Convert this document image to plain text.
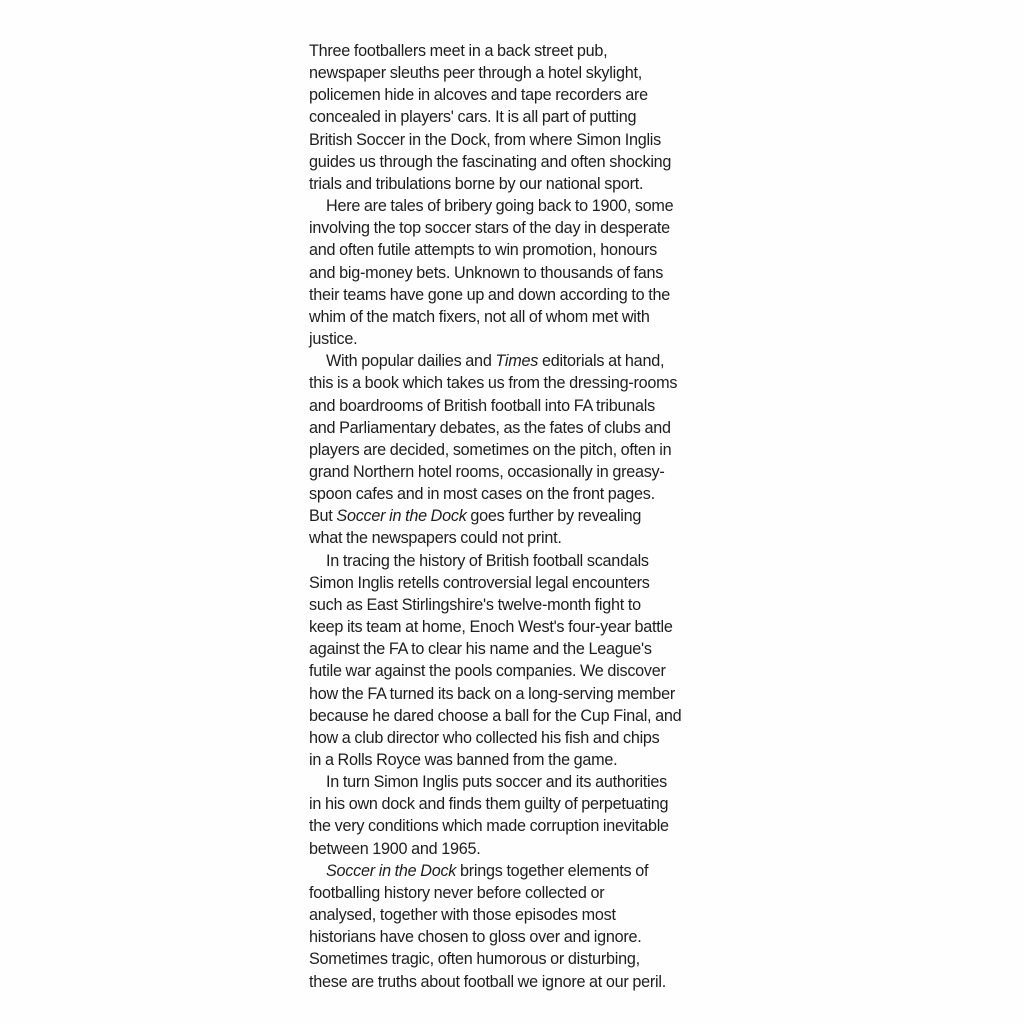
Three footballers meet in a back street pub,
newspaper sleuths peer through a hotel skylight,
policemen hide in alcoves and tape recorders are
concealed in players' cars. It is all part of putting
British Soccer in the Dock, from where Simon Inglis
guides us through the fascinating and often shocking
trials and tribulations borne by our national sport.

Here are tales of bribery going back to 1900, some
involving the top soccer stars of the day in desperate
and often futile attempts to win promotion, honours
and big-money bets. Unknown to thousands of fans
their teams have gone up and down according to the
whim of the match fixers, not all of whom met with
justice.

With popular dailies and Times editorials at hand,
this is a book which takes us from the dressing-rooms
and boardrooms of British football into FA tribunals
and Parliamentary debates, as the fates of clubs and
players are decided, sometimes on the pitch, often in
grand Northern hotel rooms, occasionally in greasy-
spoon cafes and in most cases on the front pages.
But Soccer in the Dock goes further by revealing
what the newspapers could not print.

In tracing the history of British football scandals
Simon Inglis retells controversial legal encounters
such as East Stirlingshire's twelve-month fight to
keep its team at home, Enoch West's four-year battle
against the FA to clear his name and the League's
futile war against the pools companies. We discover
how the FA turned its back on a long-serving member
because he dared choose a ball for the Cup Final, and
how a club director who collected his fish and chips
in a Rolls Royce was banned from the game.

In turn Simon Inglis puts soccer and its authorities
in his own dock and finds them guilty of perpetuating
the very conditions which made corruption inevitable
between 1900 and 1965.

Soccer in the Dock brings together elements of
footballing history never before collected or
analysed, together with those episodes most
historians have chosen to gloss over and ignore.
Sometimes tragic, often humorous or disturbing,
these are truths about football we ignore at our peril.
